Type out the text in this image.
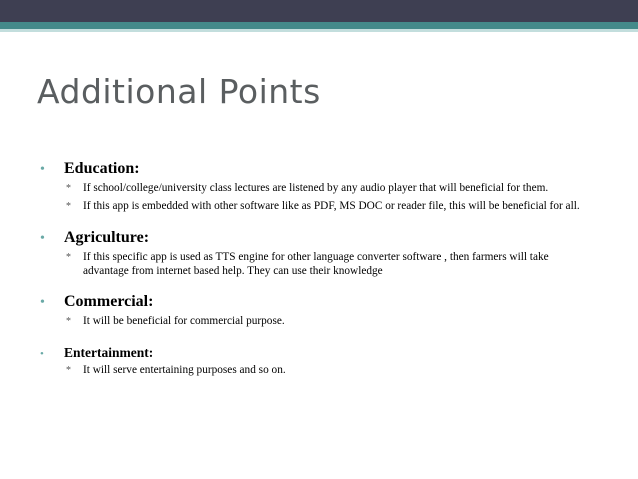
Additional Points
• Education:
* If school/college/university class lectures are listened by any audio player that will beneficial for them.
* If this app is embedded with other software like as PDF, MS DOC or reader file, this will be beneficial for all.
• Agriculture:
* If this specific app is used as TTS engine for other language converter software , then farmers will take advantage from internet based help. They can use their knowledge
• Commercial:
* It will be beneficial for commercial purpose.
• Entertainment:
* It will serve entertaining purposes and so on.
